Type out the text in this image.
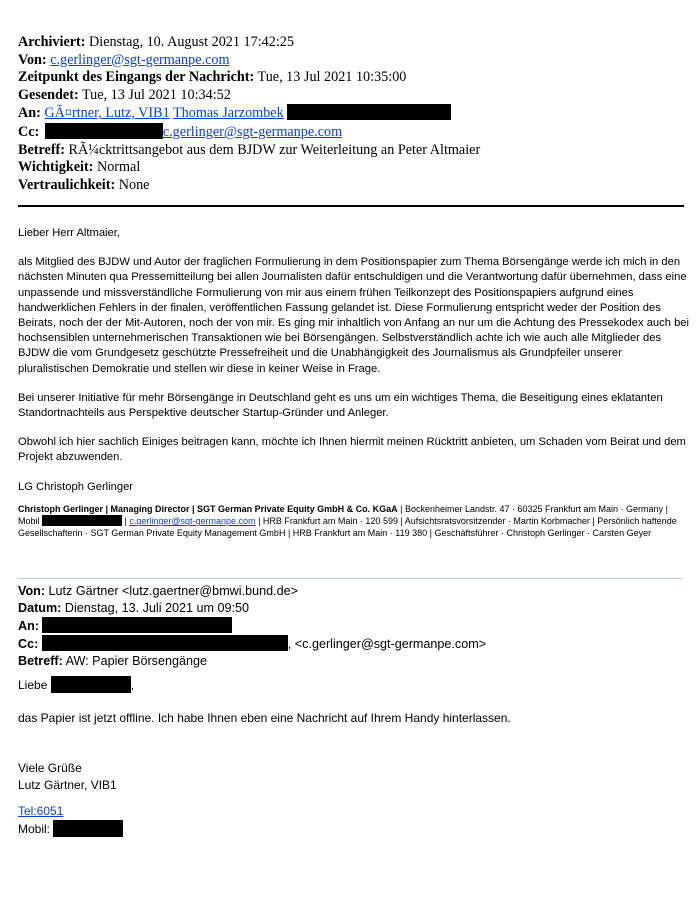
Archiviert: Dienstag, 10. August 2021 17:42:25
Von: c.gerlinger@sgt-germanpe.com
Zeitpunkt des Eingangs der Nachricht: Tue, 13 Jul 2021 10:35:00
Gesendet: Tue, 13 Jul 2021 10:34:52
An: GÃ¤rtner, Lutz, VIB1 Thomas Jarzombek
Cc:	c.gerlinger@sgt-germanpe.com
Betreff: RÃ¼cktrittsangebot aus dem BJDW zur Weiterleitung an Peter Altmaier
Wichtigkeit: Normal
Vertraulichkeit: None

Lieber Herr Altmaier,

als Mitglied des BJDW und Autor der fraglichen Formulierung in dem Positionspapier zum Thema Börsengänge werde ich mich in den nächsten Minuten qua Pressemitteilung bei allen Journalisten dafür entschuldigen und die Verantwortung dafür übernehmen, dass eine unpassende und missverständliche Formulierung von mir aus einem frühen Teilkonzept des Positionspapiers aufgrund eines handwerklichen Fehlers in der finalen, veröffentlichen Fassung gelandet ist. Diese Formulierung entspricht weder der Position des Beirats, noch der der Mit-Autoren, noch der von mir. Es ging mir inhaltlich von Anfang an nur um die Achtung des Pressekodex auch bei hochsensiblen unternehmerischen Transaktionen wie bei Börsengängen. Selbstverständlich achte ich wie auch alle Mitglieder des BJDW die vom Grundgesetz geschützte Pressefreiheit und die Unabhängigkeit des Journalismus als Grundpfeiler unserer pluralistischen Demokratie und stellen wir diese in keiner Weise in Frage.

Bei unserer Initiative für mehr Börsengänge in Deutschland geht es uns um ein wichtiges Thema, die Beseitigung eines eklatanten Standortnachteils aus Perspektive deutscher Startup-Gründer und Anleger.

Obwohl ich hier sachlich Einiges beitragen kann, möchte ich Ihnen hiermit meinen Rücktritt anbieten, um Schaden vom Beirat und dem Projekt abzuwenden.

LG Christoph Gerlinger

Christoph Gerlinger | Managing Director | SGT German Private Equity GmbH & Co. KGaA | Bockenheimer Landstr. 47 · 60325 Frankfurt am Main · Germany | Mobil	| c.gerlinger@sgt-germanpe.com | HRB Frankfurt am Main · 120 599 | Aufsichtsratsvorsitzender · Martin Korbmacher | Persönlich haftende Gesellschafterin · SGT German Private Equity Management GmbH | HRB Frankfurt am Main · 119 380 | Geschäftsführer · Christoph Gerlinger · Carsten Geyer
Von: Lutz Gärtner <lutz.gaertner@bmwi.bund.de>
Datum: Dienstag, 13. Juli 2021 um 09:50
An:
Cc:	, <c.gerlinger@sgt-germanpe.com>
Betreff: AW: Papier Börsengänge
Liebe	,
das Papier ist jetzt offline. Ich habe Ihnen eben eine Nachricht auf Ihrem Handy hinterlassen.
Viele Grüße
Lutz Gärtner, VIB1
Tel:6051
Mobil:
